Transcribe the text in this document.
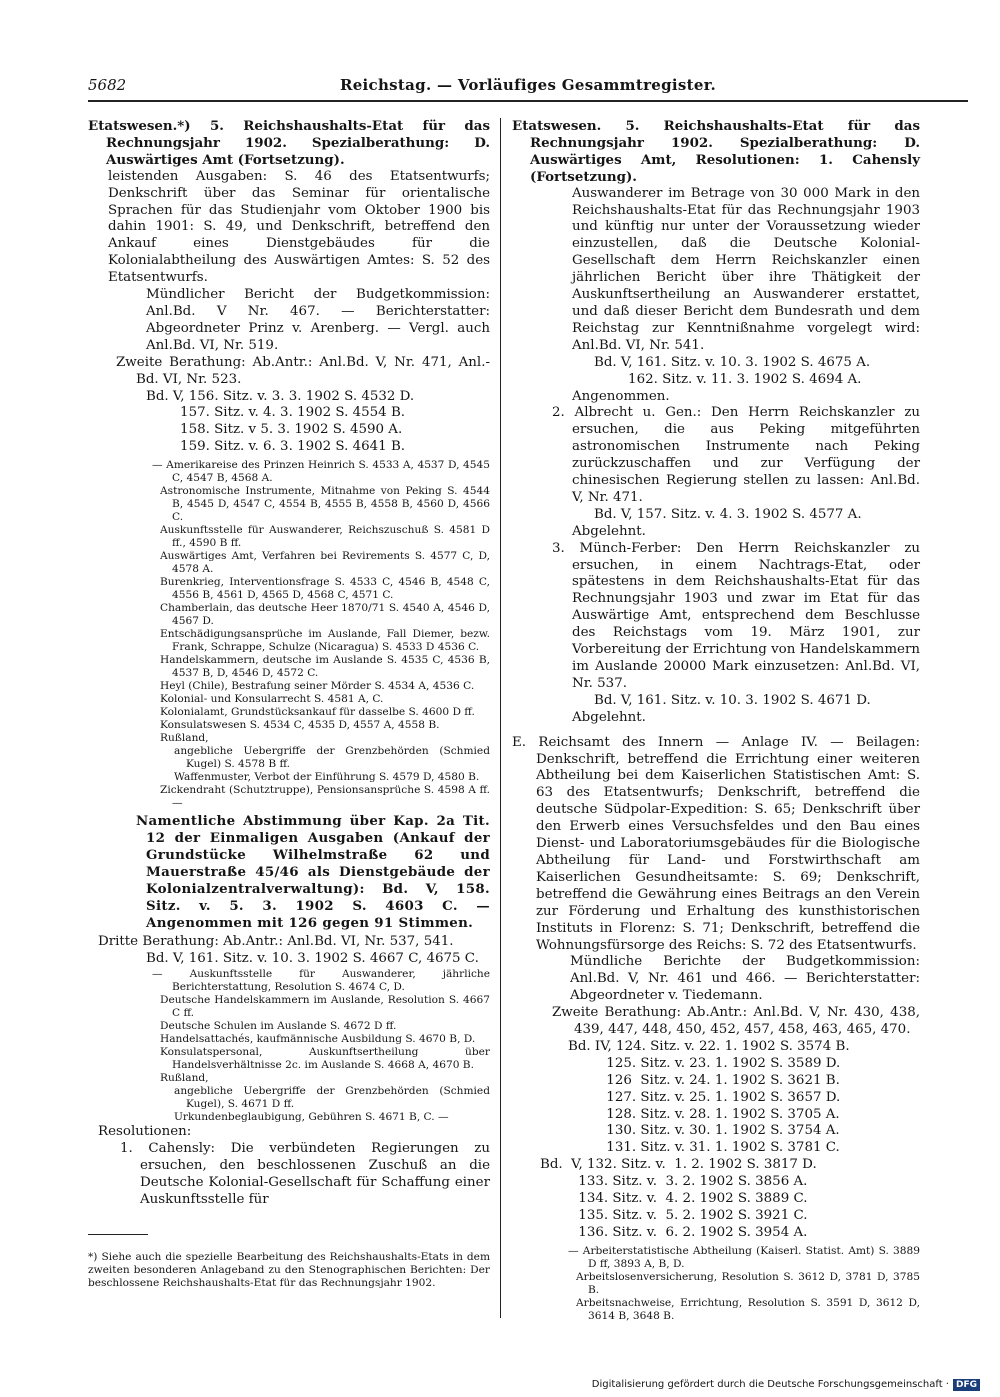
5682	Reichstag. — Vorläufiges Gesammtregister.

Etatswesen.*) 5. Reichshaushalts-Etat für das Rechnungsjahr 1902. Spezialberathung: D. Auswärtiges Amt (Fortsetzung).

leistenden Ausgaben: S. 46 des Etatsentwurfs; Denkschrift über das Seminar für orientalische Sprachen für das Studienjahr vom Oktober 1900 bis dahin 1901: S. 49, und Denkschrift, betreffend den Ankauf eines Dienstgebäudes für die Kolonialabtheilung des Auswärtigen Amtes: S. 52 des Etatsentwurfs.

Mündlicher Bericht der Budgetkommission: Anl.Bd. V Nr. 467. — Berichterstatter: Abgeordneter Prinz v. Arenberg. — Vergl. auch Anl.Bd. VI, Nr. 519.

Zweite Berathung: Ab.Antr.: Anl.Bd. V, Nr. 471, Anl.-Bd. VI, Nr. 523.

Bd. V, 156. Sitz. v. 3. 3. 1902 S. 4532 D.

157. Sitz. v. 4. 3. 1902 S. 4554 B.

158. Sitz. v 5. 3. 1902 S. 4590 A.

159. Sitz. v. 6. 3. 1902 S. 4641 B.

— Amerikareise des Prinzen Heinrich S. 4533 A, 4537 D, 4545 C, 4547 B, 4568 A.

Astronomische Instrumente, Mitnahme von Peking S. 4544 B, 4545 D, 4547 C, 4554 B, 4555 B, 4558 B, 4560 D, 4566 C.

Auskunftsstelle für Auswanderer, Reichszuschuß S. 4581 D ff., 4590 B ff.

Auswärtiges Amt, Verfahren bei Revirements S. 4577 C, D, 4578 A.

Burenkrieg, Interventionsfrage S. 4533 C, 4546 B, 4548 C, 4556 B, 4561 D, 4565 D, 4568 C, 4571 C.

Chamberlain, das deutsche Heer 1870/71 S. 4540 A, 4546 D, 4567 D.

Entschädigungsansprüche im Auslande, Fall Diemer, bezw. Frank, Schrappe, Schulze (Nicaragua) S. 4533 D 4536 C.

Handelskammern, deutsche im Auslande S. 4535 C, 4536 B, 4537 B, D, 4546 D, 4572 C.

Heyl (Chile), Bestrafung seiner Mörder S. 4534 A, 4536 C.

Kolonial- und Konsularrecht S. 4581 A, C.

Kolonialamt, Grundstücksankauf für dasselbe S. 4600 D ff.

Konsulatswesen S. 4534 C, 4535 D, 4557 A, 4558 B.

Rußland,

angebliche Uebergriffe der Grenzbehörden (Schmied Kugel) S. 4578 B ff.

Waffenmuster, Verbot der Einführung S. 4579 D, 4580 B.

Zickendraht (Schutztruppe), Pensionsansprüche S. 4598 A ff. —

Namentliche Abstimmung über Kap. 2a Tit. 12 der Einmaligen Ausgaben (Ankauf der Grundstücke Wilhelmstraße 62 und Mauerstraße 45/46 als Dienstgebäude der Kolonialzentralverwaltung): Bd. V, 158. Sitz. v. 5. 3. 1902 S. 4603 C. — Angenommen mit 126 gegen 91 Stimmen.

Dritte Berathung: Ab.Antr.: Anl.Bd. VI, Nr. 537, 541.

Bd. V, 161. Sitz. v. 10. 3. 1902 S. 4667 C, 4675 C.

— Auskunftsstelle für Auswanderer, jährliche Berichterstattung, Resolution S. 4674 C, D.

Deutsche Handelskammern im Auslande, Resolution S. 4667 C ff.

Deutsche Schulen im Auslande S. 4672 D ff.

Handelsattachés, kaufmännische Ausbildung S. 4670 B, D.

Konsulatspersonal, Auskunftsertheilung über Handelsverhältnisse 2c. im Auslande S. 4668 A, 4670 B.

Rußland,

angebliche Uebergriffe der Grenzbehörden (Schmied Kugel), S. 4671 D ff.

Urkundenbeglaubigung, Gebühren S. 4671 B, C. —

Resolutionen:

1. Cahensly: Die verbündeten Regierungen zu ersuchen, den beschlossenen Zuschuß an die Deutsche Kolonial-Gesellschaft für Schaffung einer Auskunftsstelle für

*) Siehe auch die spezielle Bearbeitung des Reichshaushalts-Etats in dem zweiten besonderen Anlageband zu den Stenographischen Berichten: Der beschlossene Reichshaushalts-Etat für das Rechnungsjahr 1902.

Etatswesen. 5. Reichshaushalts-Etat für das Rechnungsjahr 1902. Spezialberathung: D. Auswärtiges Amt, Resolutionen: 1. Cahensly (Fortsetzung).

Auswanderer im Betrage von 30 000 Mark in den Reichshaushalts-Etat für das Rechnungsjahr 1903 und künftig nur unter der Voraussetzung wieder einzustellen, daß die Deutsche Kolonial-Gesellschaft dem Herrn Reichskanzler einen jährlichen Bericht über ihre Thätigkeit der Auskunftsertheilung an Auswanderer erstattet, und daß dieser Bericht dem Bundesrath und dem Reichstag zur Kenntnißnahme vorgelegt wird: Anl.Bd. VI, Nr. 541.

Bd. V, 161. Sitz. v. 10. 3. 1902 S. 4675 A.

162. Sitz. v. 11. 3. 1902 S. 4694 A.

Angenommen.

2. Albrecht u. Gen.: Den Herrn Reichskanzler zu ersuchen, die aus Peking mitgeführten astronomischen Instrumente nach Peking zurückzuschaffen und zur Verfügung der chinesischen Regierung stellen zu lassen: Anl.Bd. V, Nr. 471.

Bd. V, 157. Sitz. v. 4. 3. 1902 S. 4577 A.

Abgelehnt.

3. Münch-Ferber: Den Herrn Reichskanzler zu ersuchen, in einem Nachtrags-Etat, oder spätestens in dem Reichshaushalts-Etat für das Rechnungsjahr 1903 und zwar im Etat für das Auswärtige Amt, entsprechend dem Beschlusse des Reichstags vom 19. März 1901, zur Vorbereitung der Errichtung von Handelskammern im Auslande 20000 Mark einzusetzen: Anl.Bd. VI, Nr. 537.

Bd. V, 161. Sitz. v. 10. 3. 1902 S. 4671 D.

Abgelehnt.

E. Reichsamt des Innern — Anlage IV. — Beilagen: Denkschrift, betreffend die Errichtung einer weiteren Abtheilung bei dem Kaiserlichen Statistischen Amt: S. 63 des Etatsentwurfs; Denkschrift, betreffend die deutsche Südpolar-Expedition: S. 65; Denkschrift über den Erwerb eines Versuchsfeldes und den Bau eines Dienst- und Laboratoriumsgebäudes für die Biologische Abtheilung für Land- und Forstwirthschaft am Kaiserlichen Gesundheitsamte: S. 69; Denkschrift, betreffend die Gewährung eines Beitrags an den Verein zur Förderung und Erhaltung des kunsthistorischen Instituts in Florenz: S. 71; Denkschrift, betreffend die Wohnungsfürsorge des Reichs: S. 72 des Etatsentwurfs.

Mündliche Berichte der Budgetkommission: Anl.Bd. V, Nr. 461 und 466. — Berichterstatter: Abgeordneter v. Tiedemann.

Zweite Berathung: Ab.Antr.: Anl.Bd. V, Nr. 430, 438, 439, 447, 448, 450, 452, 457, 458, 463, 465, 470.

Bd. IV, 124. Sitz. v. 22. 1. 1902 S. 3574 B.

125. Sitz. v. 23. 1. 1902 S. 3589 D.

126  Sitz. v. 24. 1. 1902 S. 3621 B.

127. Sitz. v. 25. 1. 1902 S. 3657 D.

128. Sitz. v. 28. 1. 1902 S. 3705 A.

130. Sitz. v. 30. 1. 1902 S. 3754 A.

131. Sitz. v. 31. 1. 1902 S. 3781 C.

Bd.  V, 132. Sitz. v.  1. 2. 1902 S. 3817 D.

133. Sitz. v.  3. 2. 1902 S. 3856 A.

134. Sitz. v.  4. 2. 1902 S. 3889 C.

135. Sitz. v.  5. 2. 1902 S. 3921 C.

136. Sitz. v.  6. 2. 1902 S. 3954 A.

— Arbeiterstatistische Abtheilung (Kaiserl. Statist. Amt) S. 3889 D ff, 3893 A, B, D.

Arbeitslosenversicherung, Resolution S. 3612 D, 3781 D, 3785 B.

Arbeitsnachweise, Errichtung, Resolution S. 3591 D, 3612 D, 3614 B, 3648 B.

Digitalisierung gefördert durch die Deutsche Forschungsgemeinschaft · DFG
